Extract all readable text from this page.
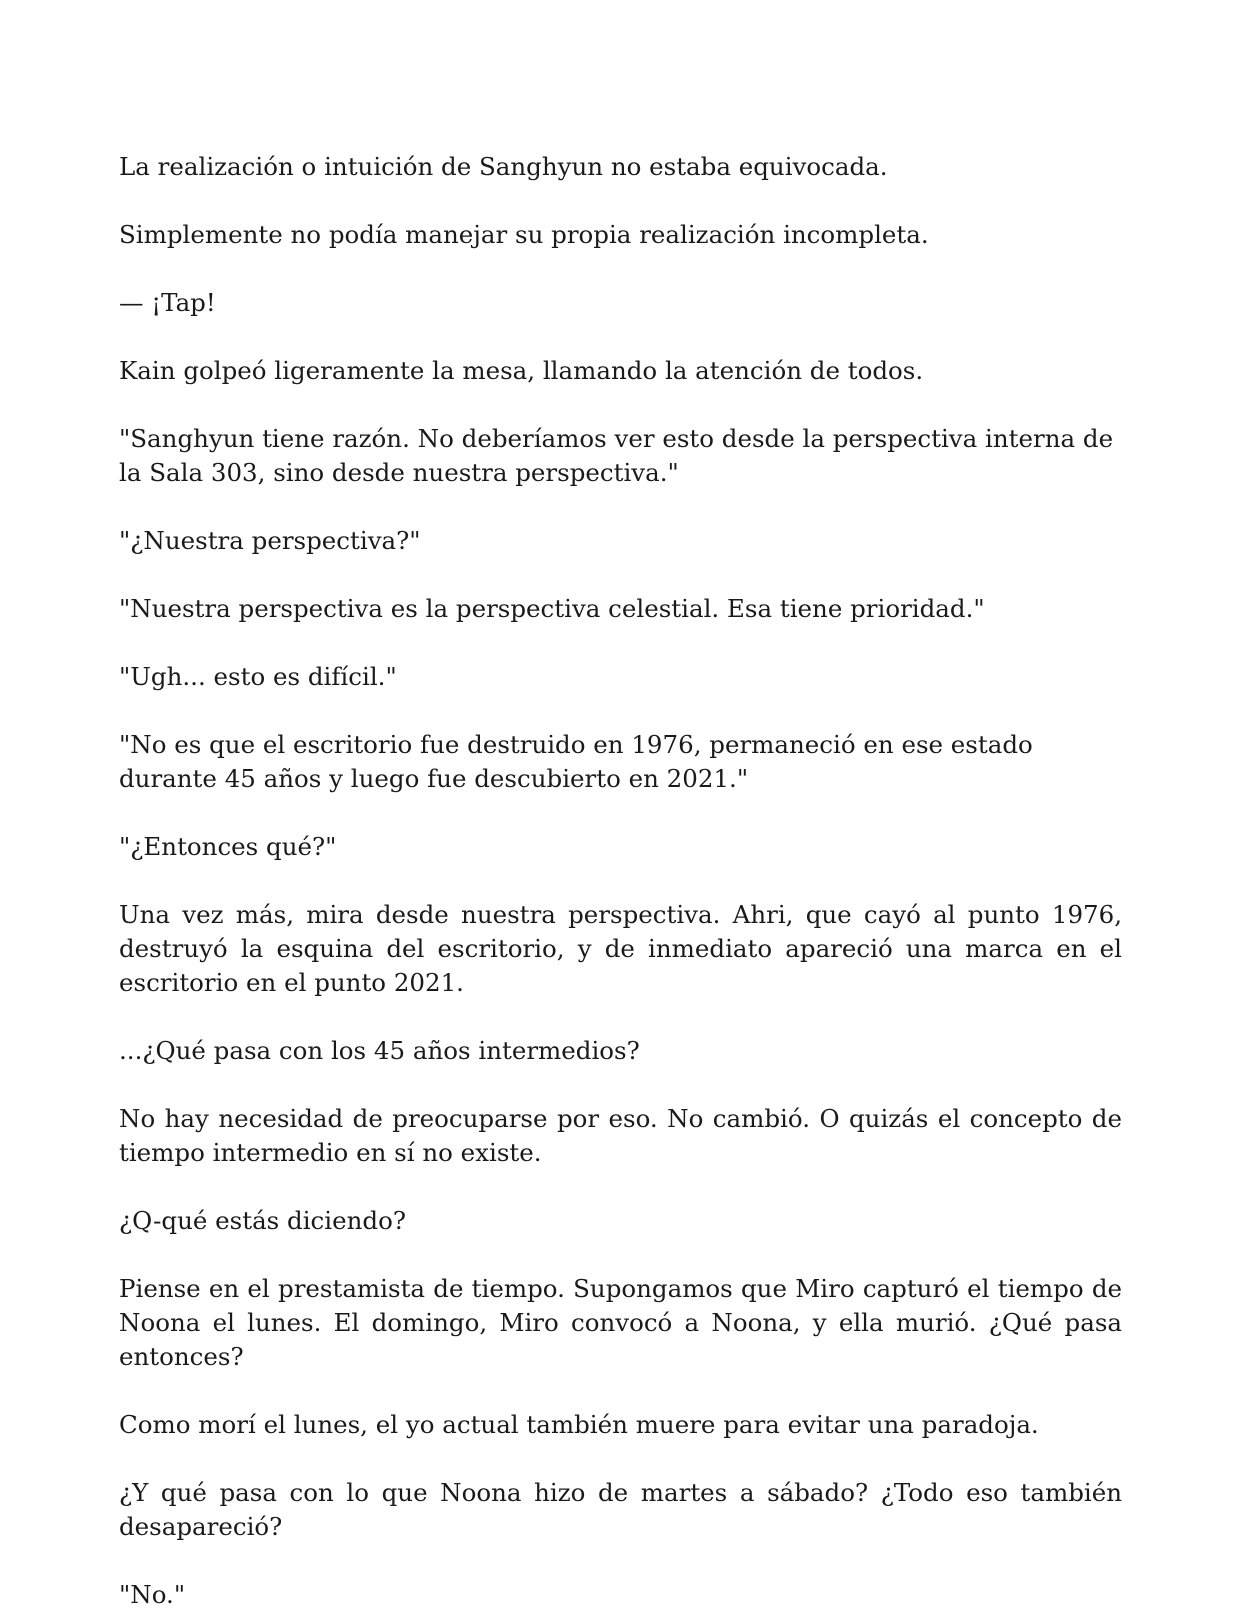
La realización o intuición de Sanghyun no estaba equivocada.

Simplemente no podía manejar su propia realización incompleta.

— ¡Tap!

Kain golpeó ligeramente la mesa, llamando la atención de todos.

"Sanghyun tiene razón. No deberíamos ver esto desde la perspectiva interna de la Sala 303, sino desde nuestra perspectiva."

"¿Nuestra perspectiva?"

"Nuestra perspectiva es la perspectiva celestial. Esa tiene prioridad."

"Ugh... esto es difícil."

"No es que el escritorio fue destruido en 1976, permaneció en ese estado durante 45 años y luego fue descubierto en 2021."

"¿Entonces qué?"

Una vez más, mira desde nuestra perspectiva. Ahri, que cayó al punto 1976, destruyó la esquina del escritorio, y de inmediato apareció una marca en el escritorio en el punto 2021.

...¿Qué pasa con los 45 años intermedios?

No hay necesidad de preocuparse por eso. No cambió. O quizás el concepto de tiempo intermedio en sí no existe.

¿Q-qué estás diciendo?

Piense en el prestamista de tiempo. Supongamos que Miro capturó el tiempo de Noona el lunes. El domingo, Miro convocó a Noona, y ella murió. ¿Qué pasa entonces?

Como morí el lunes, el yo actual también muere para evitar una paradoja.

¿Y qué pasa con lo que Noona hizo de martes a sábado? ¿Todo eso también desapareció?

"No."
